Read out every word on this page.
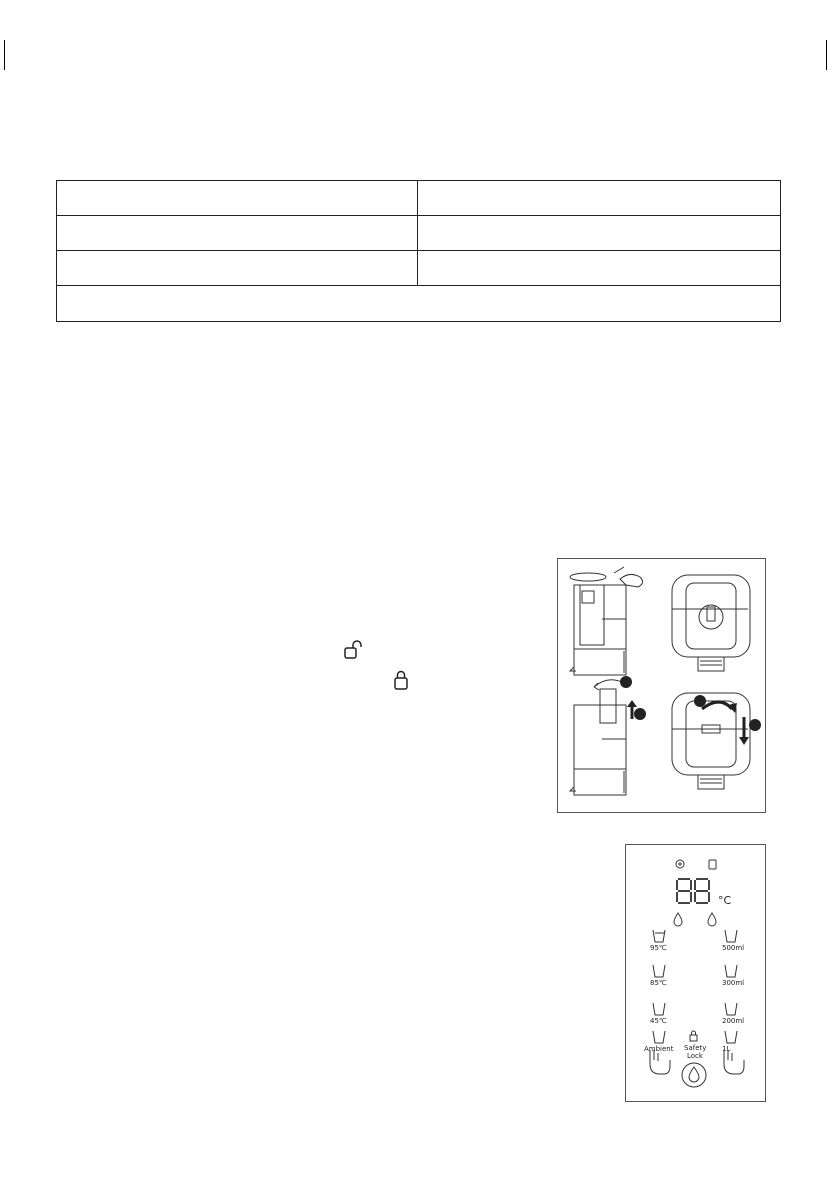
°C
95℃
85℃
45℃
500ml
300ml
200ml
Ambient Safety
Lock
1L
